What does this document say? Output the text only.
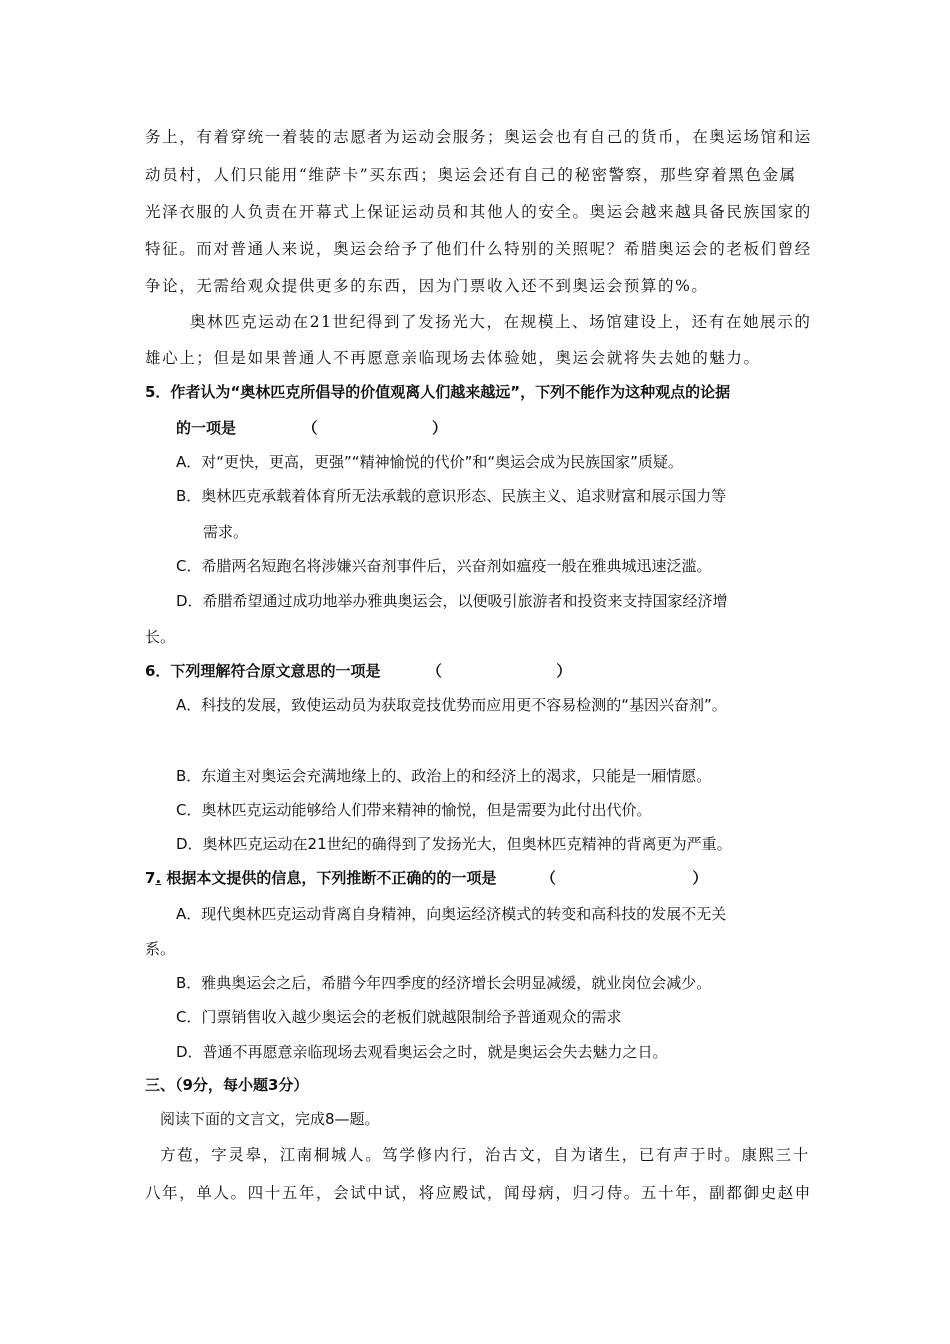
务上，有着穿统一着装的志愿者为运动会服务；奥运会也有自己的货币，在奥运场馆和运
动员村，人们只能用“维萨卡”买东西；奥运会还有自己的秘密警察，那些穿着黑色金属
光泽衣服的人负责在开幕式上保证运动员和其他人的安全。奥运会越来越具备民族国家的
特征。而对普通人来说，奥运会给予了他们什么特别的关照呢？希腊奥运会的老板们曾经
争论，无需给观众提供更多的东西，因为门票收入还不到奥运会预算的%。
奥林匹克运动在21世纪得到了发扬光大，在规模上、场馆建设上，还有在她展示的
雄心上；但是如果普通人不再愿意亲临现场去体验她，奥运会就将失去她的魅力。
5．作者认为“奥林匹克所倡导的价值观离人们越来越远”，下列不能作为这种观点的论据
的一项是	（	）
A．对“更快，更高，更强”“精神愉悦的代价”和“奥运会成为民族国家”质疑。
B．奥林匹克承载着体育所无法承载的意识形态、民族主义、追求财富和展示国力等
需求。
C．希腊两名短跑名将涉嫌兴奋剂事件后，兴奋剂如瘟疫一般在雅典城迅速泛滥。
D．希腊希望通过成功地举办雅典奥运会，以便吸引旅游者和投资来支持国家经济增
长。
6．下列理解符合原文意思的一项是	（	）
A．科技的发展，致使运动员为获取竞技优势而应用更不容易检测的“基因兴奋剂”。
B．东道主对奥运会充满地缘上的、政治上的和经济上的渴求，只能是一厢情愿。
C．奥林匹克运动能够给人们带来精神的愉悦，但是需要为此付出代价。
D．奥林匹克运动在21世纪的确得到了发扬光大，但奥林匹克精神的背离更为严重。
7. 根据本文提供的信息，下列推断不正确的的一项是	（	）
A．现代奥林匹克运动背离自身精神，向奥运经济模式的转变和高科技的发展不无关
系。
B．雅典奥运会之后，希腊今年四季度的经济增长会明显减缓，就业岗位会减少。
C．门票销售收入越少奥运会的老板们就越限制给予普通观众的需求
D．普通不再愿意亲临现场去观看奥运会之时，就是奥运会失去魅力之日。
三、（9分，每小题3分）
阅读下面的文言文，完成8—题。
方苞，字灵皋，江南桐城人。笃学修内行，治古文，自为诸生，已有声于时。康熙三十
八年，单人。四十五年，会试中试，将应殿试，闻母病，归刁侍。五十年，副都御史赵申
